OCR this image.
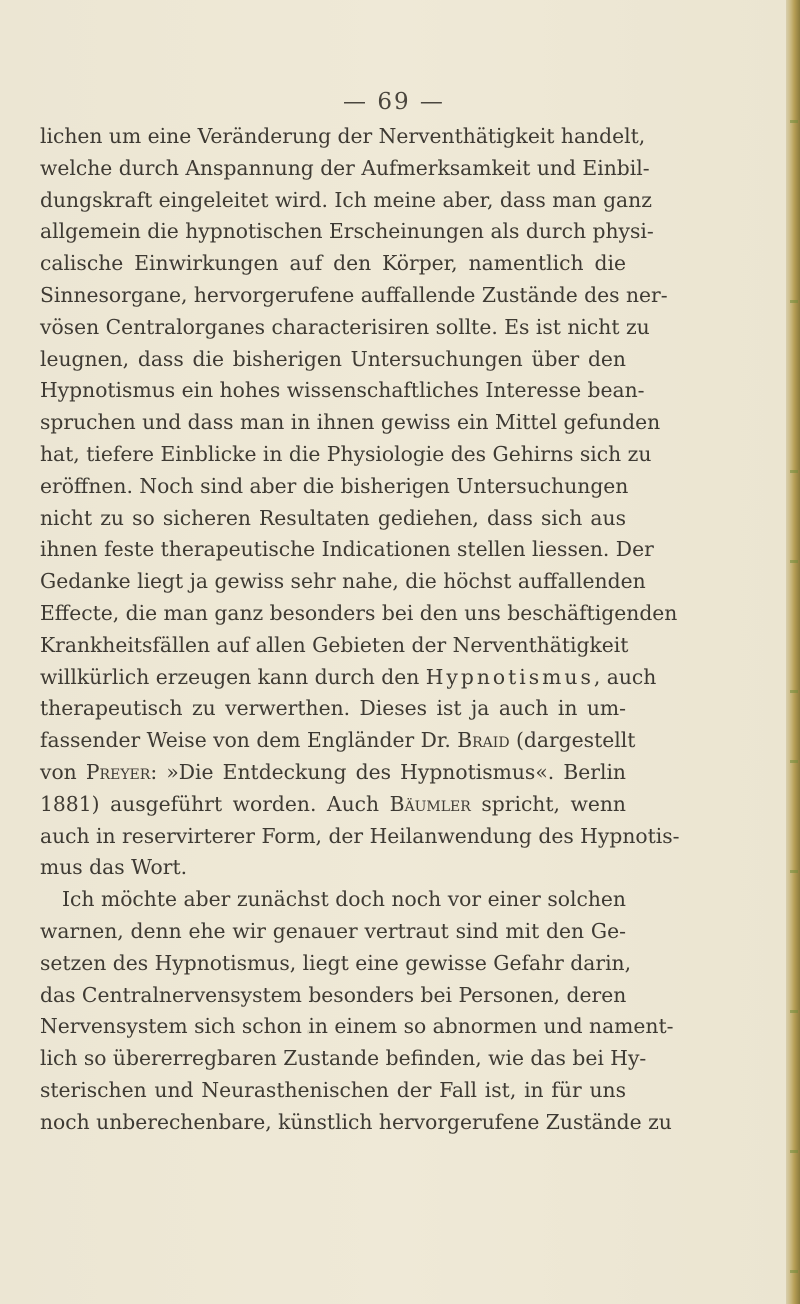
— 69 —
lichen um eine Veränderung der Nerventhätigkeit handelt,
welche durch Anspannung der Aufmerksamkeit und Einbil-
dungskraft eingeleitet wird. Ich meine aber, dass man ganz
allgemein die hypnotischen Erscheinungen als durch physi-
calische Einwirkungen auf den Körper, namentlich die
Sinnesorgane, hervorgerufene auffallende Zustände des ner-
vösen Centralorganes characterisiren sollte. Es ist nicht zu
leugnen, dass die bisherigen Untersuchungen über den
Hypnotismus ein hohes wissenschaftliches Interesse bean-
spruchen und dass man in ihnen gewiss ein Mittel gefunden
hat, tiefere Einblicke in die Physiologie des Gehirns sich zu
eröffnen. Noch sind aber die bisherigen Untersuchungen
nicht zu so sicheren Resultaten gediehen, dass sich aus
ihnen feste therapeutische Indicationen stellen liessen. Der
Gedanke liegt ja gewiss sehr nahe, die höchst auffallenden
Effecte, die man ganz besonders bei den uns beschäftigenden
Krankheitsfällen auf allen Gebieten der Nerventhätigkeit
willkürlich erzeugen kann durch den Hypnotismus, auch
therapeutisch zu verwerthen. Dieses ist ja auch in um-
fassender Weise von dem Engländer Dr. Braid (dargestellt
von Preyer: »Die Entdeckung des Hypnotismus«. Berlin
1881) ausgeführt worden. Auch Bäumler spricht, wenn
auch in reservirterer Form, der Heilanwendung des Hypnotis-
mus das Wort.
Ich möchte aber zunächst doch noch vor einer solchen
warnen, denn ehe wir genauer vertraut sind mit den Ge-
setzen des Hypnotismus, liegt eine gewisse Gefahr darin,
das Centralnervensystem besonders bei Personen, deren
Nervensystem sich schon in einem so abnormen und nament-
lich so übererregbaren Zustande befinden, wie das bei Hy-
sterischen und Neurasthenischen der Fall ist, in für uns
noch unberechenbare, künstlich hervorgerufene Zustände zu
